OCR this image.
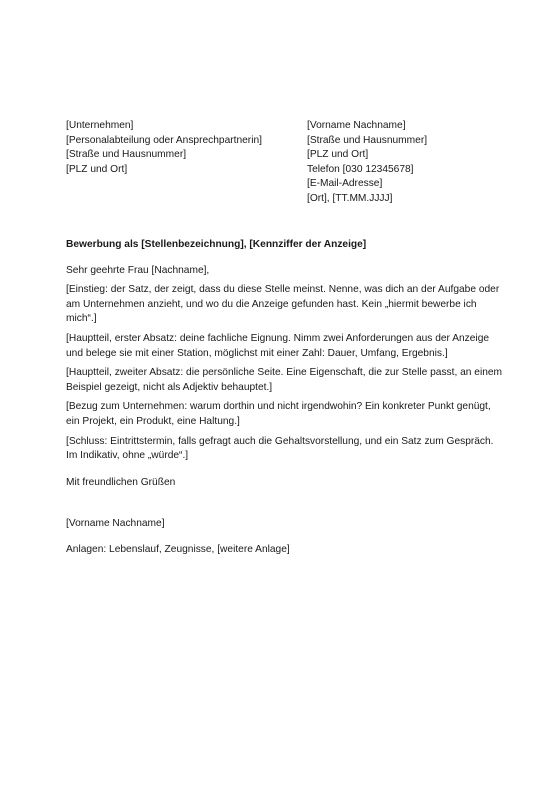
[Unternehmen]
[Personalabteilung oder Ansprechpartnerin]
[Straße und Hausnummer]
[PLZ und Ort]
[Vorname Nachname]
[Straße und Hausnummer]
[PLZ und Ort]
Telefon [030 12345678]
[E-Mail-Adresse]
[Ort], [TT.MM.JJJJ]

Bewerbung als [Stellenbezeichnung], [Kennziffer der Anzeige]

Sehr geehrte Frau [Nachname],

[Einstieg: der Satz, der zeigt, dass du diese Stelle meinst. Nenne, was dich an der Aufgabe oder am Unternehmen anzieht, und wo du die Anzeige gefunden hast. Kein „hiermit bewerbe ich mich“.]

[Hauptteil, erster Absatz: deine fachliche Eignung. Nimm zwei Anforderungen aus der Anzeige und belege sie mit einer Station, möglichst mit einer Zahl: Dauer, Umfang, Ergebnis.]

[Hauptteil, zweiter Absatz: die persönliche Seite. Eine Eigenschaft, die zur Stelle passt, an einem Beispiel gezeigt, nicht als Adjektiv behauptet.]

[Bezug zum Unternehmen: warum dorthin und nicht irgendwohin? Ein konkreter Punkt genügt, ein Projekt, ein Produkt, eine Haltung.]

[Schluss: Eintrittstermin, falls gefragt auch die Gehaltsvorstellung, und ein Satz zum Gespräch. Im Indikativ, ohne „würde“.]

Mit freundlichen Grüßen

[Vorname Nachname]

Anlagen: Lebenslauf, Zeugnisse, [weitere Anlage]
